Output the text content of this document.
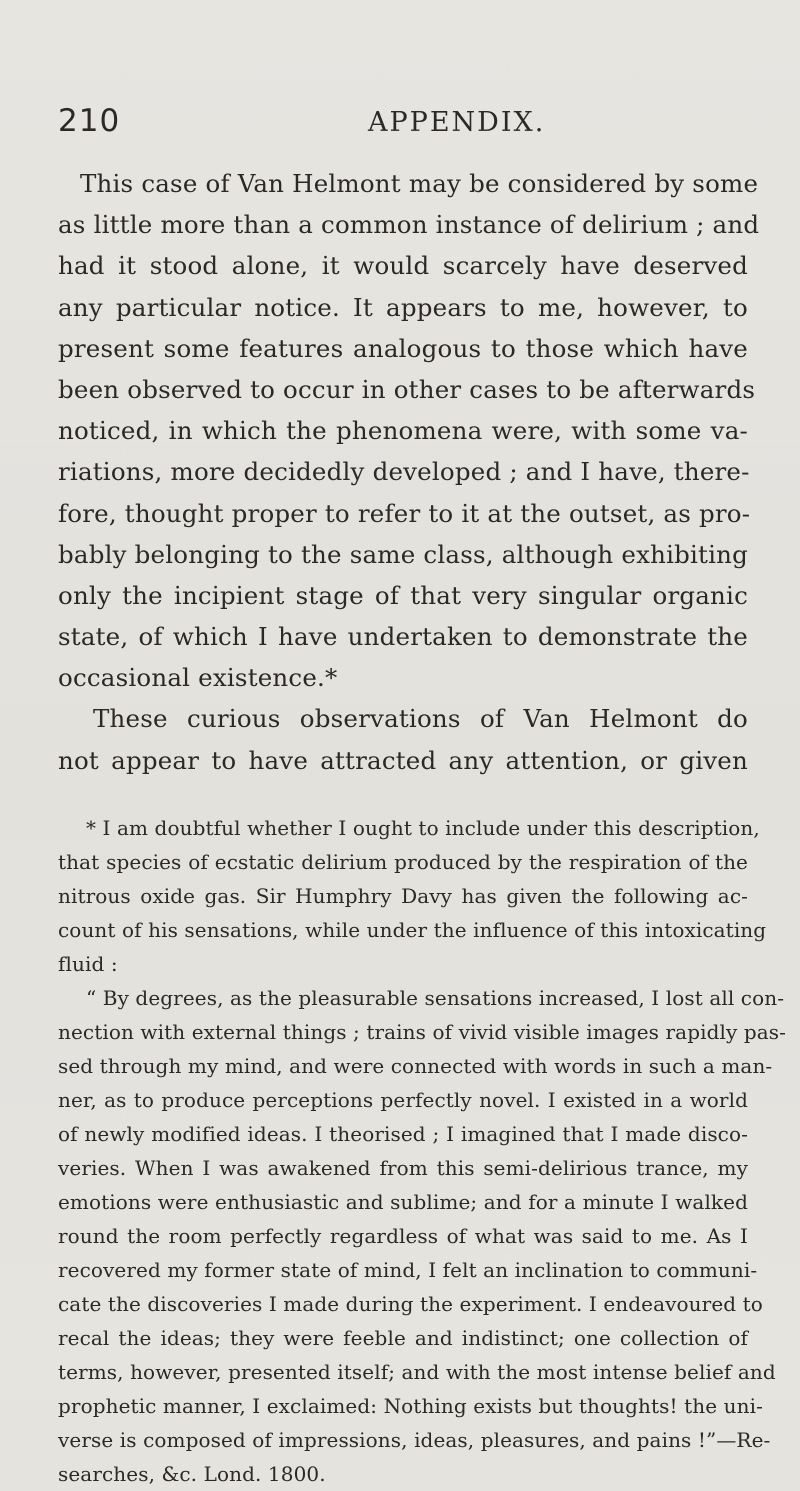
210	APPENDIX.
This case of Van Helmont may be considered by some
as little more than a common instance of delirium ; and
had it stood alone, it would scarcely have deserved
any particular notice. It appears to me, however, to
present some features analogous to those which have
been observed to occur in other cases to be afterwards
noticed, in which the phenomena were, with some va-
riations, more decidedly developed ; and I have, there-
fore, thought proper to refer to it at the outset, as pro-
bably belonging to the same class, although exhibiting
only the incipient stage of that very singular organic
state, of which I have undertaken to demonstrate the
occasional existence.*
These curious observations of Van Helmont do
not appear to have attracted any attention, or given
* I am doubtful whether I ought to include under this description,
that species of ecstatic delirium produced by the respiration of the
nitrous oxide gas. Sir Humphry Davy has given the following ac-
count of his sensations, while under the influence of this intoxicating
fluid :
“ By degrees, as the pleasurable sensations increased, I lost all con-
nection with external things ; trains of vivid visible images rapidly pas-
sed through my mind, and were connected with words in such a man-
ner, as to produce perceptions perfectly novel. I existed in a world
of newly modified ideas. I theorised ; I imagined that I made disco-
veries. When I was awakened from this semi-delirious trance, my
emotions were enthusiastic and sublime; and for a minute I walked
round the room perfectly regardless of what was said to me. As I
recovered my former state of mind, I felt an inclination to communi-
cate the discoveries I made during the experiment. I endeavoured to
recal the ideas; they were feeble and indistinct; one collection of
terms, however, presented itself; and with the most intense belief and
prophetic manner, I exclaimed: Nothing exists but thoughts! the uni-
verse is composed of impressions, ideas, pleasures, and pains !”—Re-
searches, &c. Lond. 1800.
